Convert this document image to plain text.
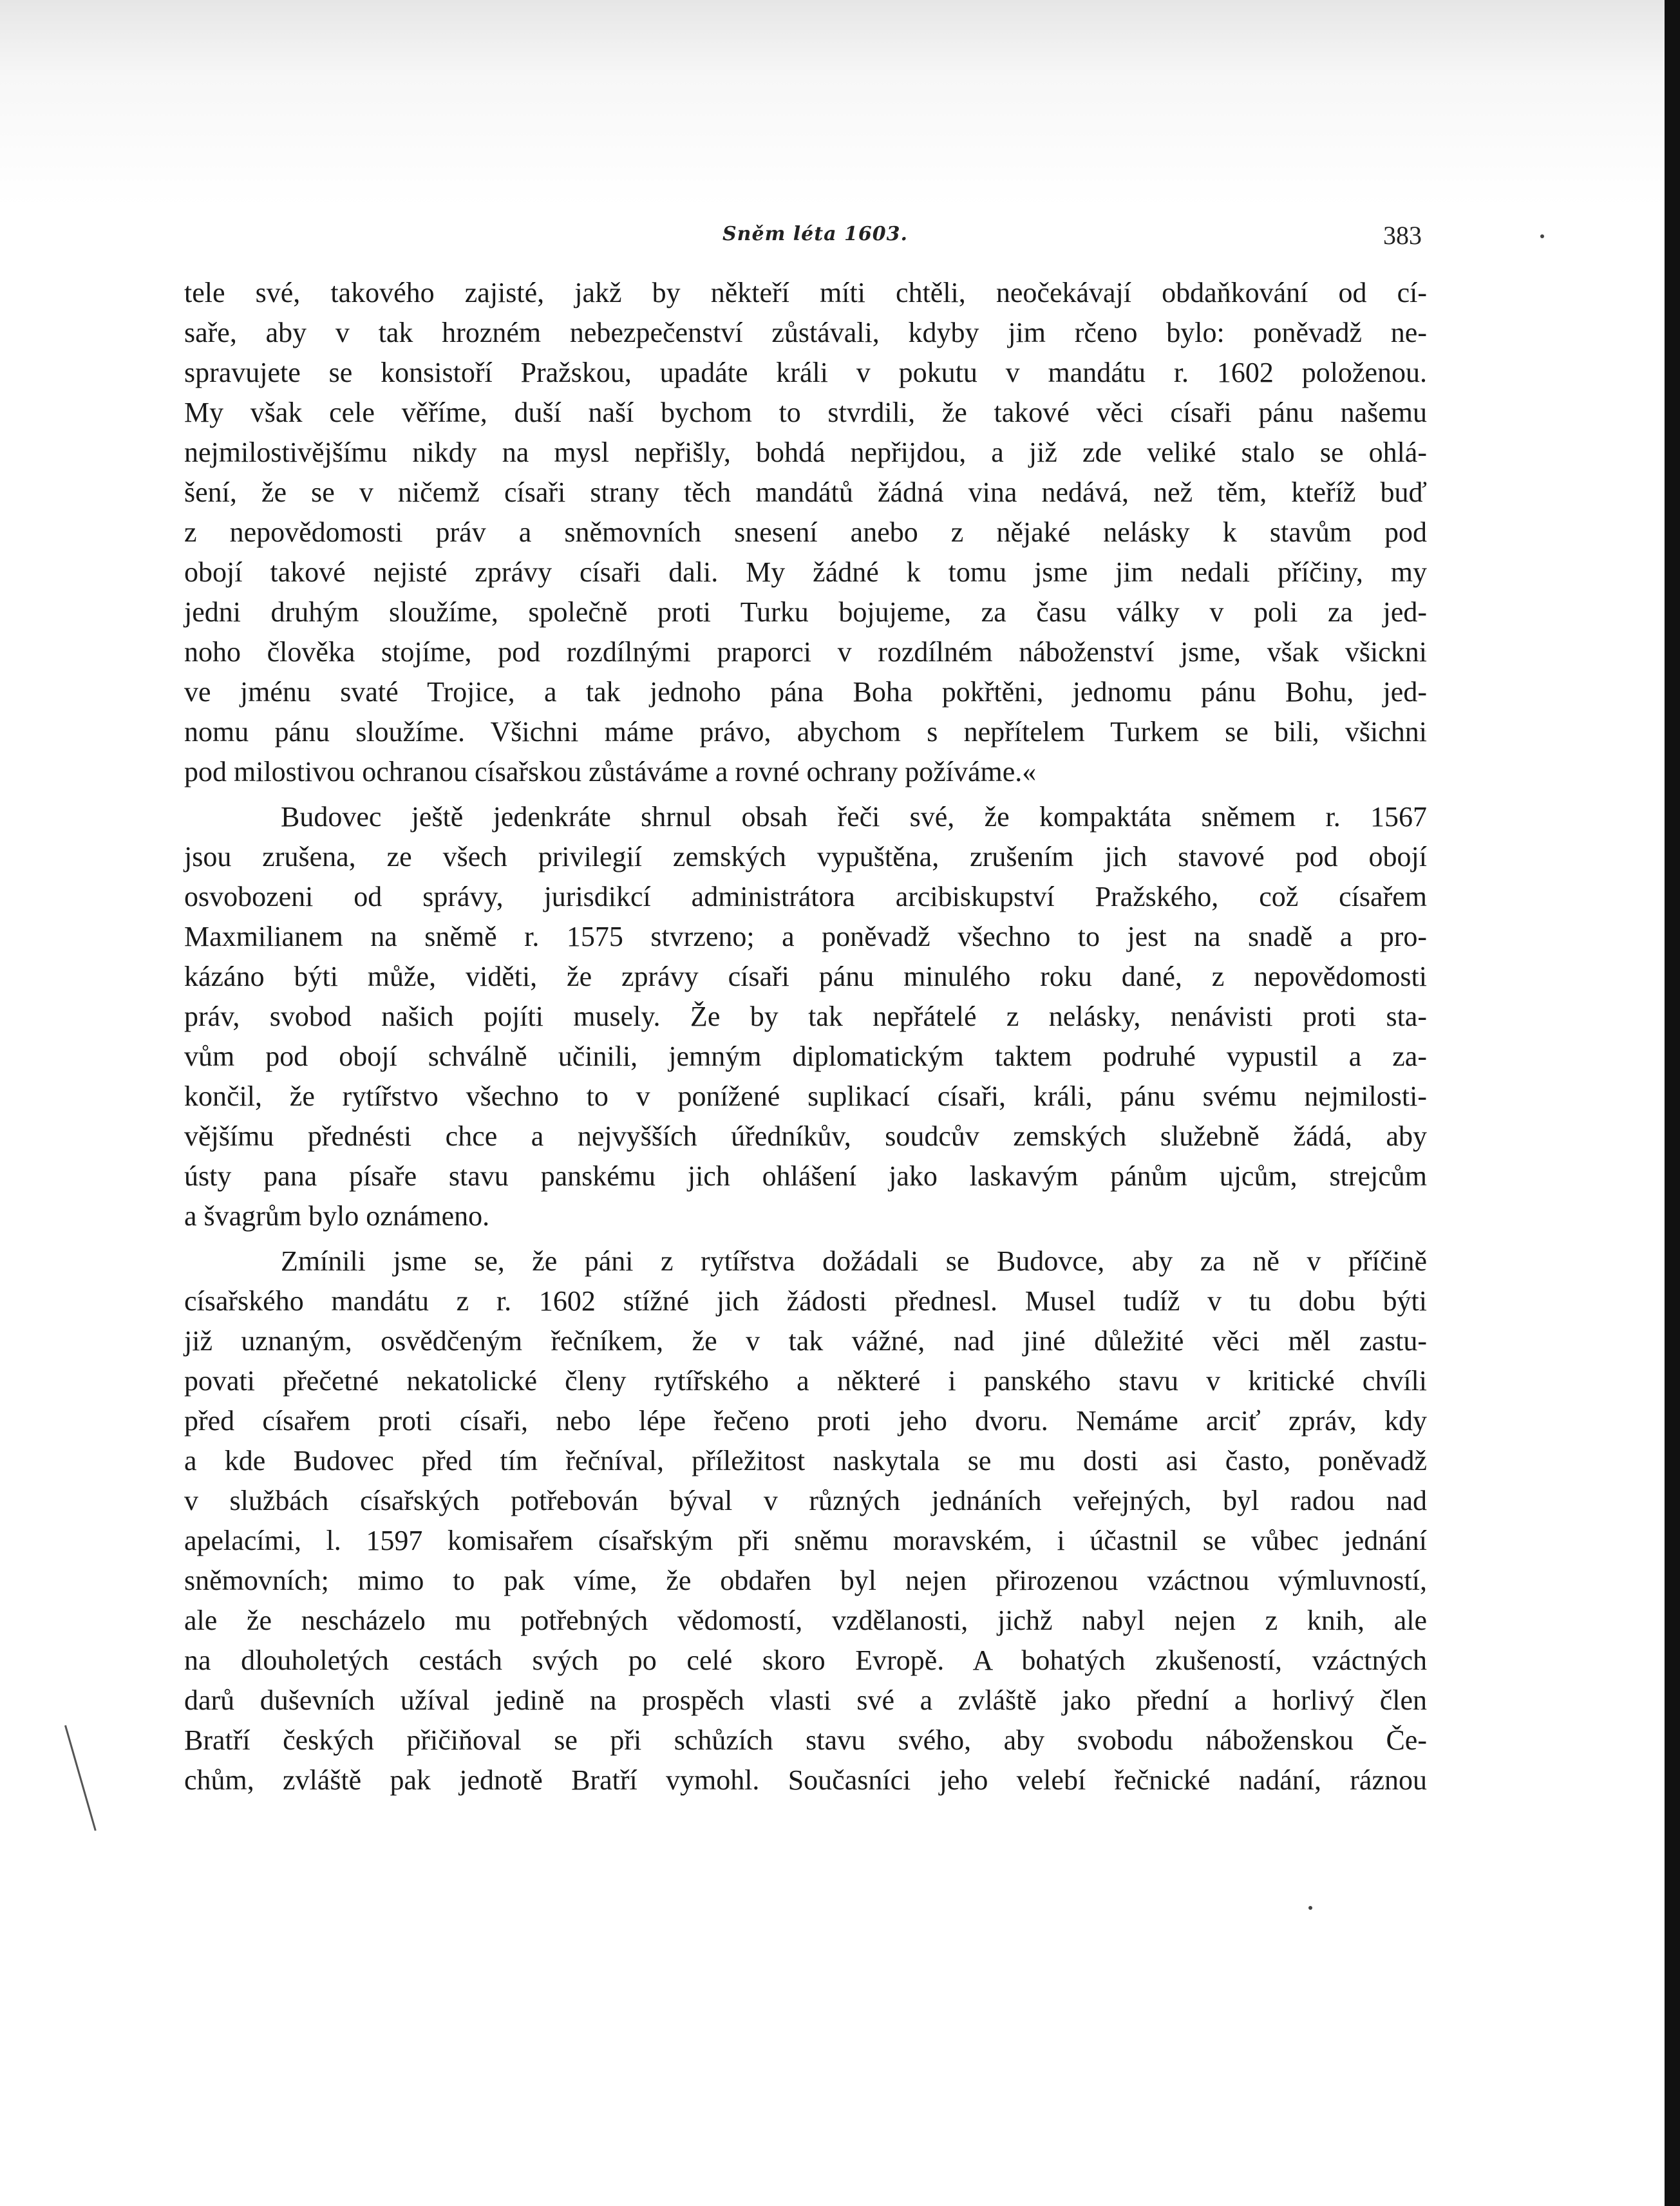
Sněm léta 1603.	383
tele své, takového zajisté, jakž by někteří míti chtěli, neočekávají obdaňkování od cí-
saře, aby v tak hrozném nebezpečenství zůstávali, kdyby jim rčeno bylo: poněvadž ne-
spravujete se konsistoří Pražskou, upadáte králi v pokutu v mandátu r. 1602 položenou.
My však cele věříme, duší naší bychom to stvrdili, že takové věci císaři pánu našemu
nejmilostivějšímu nikdy na mysl nepřišly, bohdá nepřijdou, a již zde veliké stalo se ohlá-
šení, že se v ničemž císaři strany těch mandátů žádná vina nedává, než těm, kteříž buď
z nepovědomosti práv a sněmovních snesení anebo z nějaké nelásky k stavům pod
obojí takové nejisté zprávy císaři dali. My žádné k tomu jsme jim nedali příčiny, my
jedni druhým sloužíme, společně proti Turku bojujeme, za času války v poli za jed-
noho člověka stojíme, pod rozdílnými praporci v rozdílném náboženství jsme, však všickni
ve jménu svaté Trojice, a tak jednoho pána Boha pokřtěni, jednomu pánu Bohu, jed-
nomu pánu sloužíme. Všichni máme právo, abychom s nepřítelem Turkem se bili, všichni
pod milostivou ochranou císařskou zůstáváme a rovné ochrany požíváme.«
Budovec ještě jedenkráte shrnul obsah řeči své, že kompaktáta sněmem r. 1567
jsou zrušena, ze všech privilegií zemských vypuštěna, zrušením jich stavové pod obojí
osvobozeni od správy, jurisdikcí administrátora arcibiskupství Pražského, což císařem
Maxmilianem na sněmě r. 1575 stvrzeno; a poněvadž všechno to jest na snadě a pro-
kázáno býti může, viděti, že zprávy císaři pánu minulého roku dané, z nepovědomosti
práv, svobod našich pojíti musely. Že by tak nepřátelé z nelásky, nenávisti proti sta-
vům pod obojí schválně učinili, jemným diplomatickým taktem podruhé vypustil a za-
končil, že rytířstvo všechno to v ponížené suplikací císaři, králi, pánu svému nejmilosti-
vějšímu přednésti chce a nejvyšších úředníkův, soudcův zemských služebně žádá, aby
ústy pana písaře stavu panskému jich ohlášení jako laskavým pánům ujcům, strejcům
a švagrům bylo oznámeno.
Zmínili jsme se, že páni z rytířstva dožádali se Budovce, aby za ně v příčině
císařského mandátu z r. 1602 stížné jich žádosti přednesl. Musel tudíž v tu dobu býti
již uznaným, osvědčeným řečníkem, že v tak vážné, nad jiné důležité věci měl zastu-
povati přečetné nekatolické členy rytířského a některé i panského stavu v kritické chvíli
před císařem proti císaři, nebo lépe řečeno proti jeho dvoru. Nemáme arciť zpráv, kdy
a kde Budovec před tím řečníval, příležitost naskytala se mu dosti asi často, poněvadž
v službách císařských potřebován býval v různých jednáních veřejných, byl radou nad
apelacími, l. 1597 komisařem císařským při sněmu moravském, i účastnil se vůbec jednání
sněmovních; mimo to pak víme, že obdařen byl nejen přirozenou vzáctnou výmluvností,
ale že nescházelo mu potřebných vědomostí, vzdělanosti, jichž nabyl nejen z knih, ale
na dlouholetých cestách svých po celé skoro Evropě. A bohatých zkušeností, vzáctných
darů duševních užíval jedině na prospěch vlasti své a zvláště jako přední a horlivý člen
Bratří českých přičiňoval se při schůzích stavu svého, aby svobodu náboženskou Če-
chům, zvláště pak jednotě Bratří vymohl. Současníci jeho velebí řečnické nadání, ráznou
